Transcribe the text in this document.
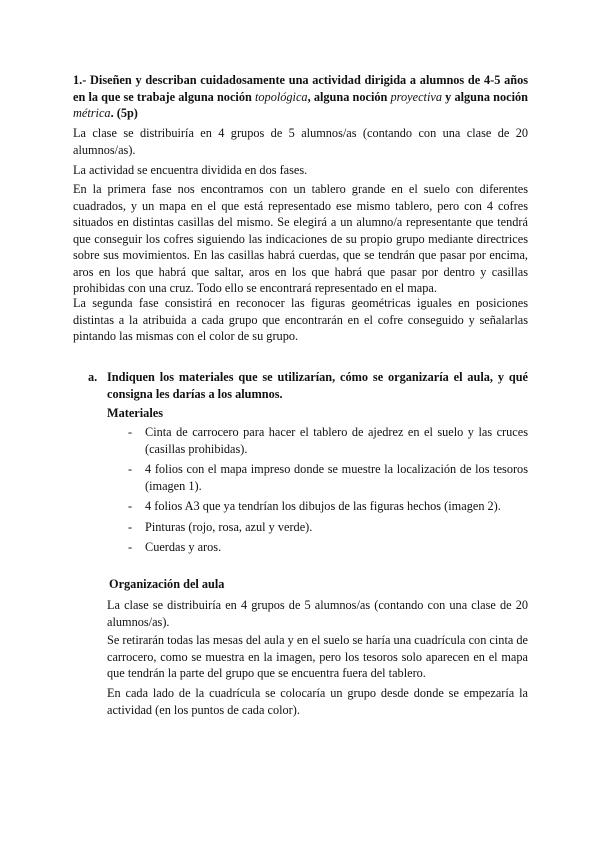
1.- Diseñen y describan cuidadosamente una actividad dirigida a alumnos de 4-5 años en la que se trabaje alguna noción topológica, alguna noción proyectiva y alguna noción métrica. (5p)

La clase se distribuiría en 4 grupos de 5 alumnos/as (contando con una clase de 20 alumnos/as).

La actividad se encuentra dividida en dos fases.

En la primera fase nos encontramos con un tablero grande en el suelo con diferentes cuadrados, y un mapa en el que está representado ese mismo tablero, pero con 4 cofres situados en distintas casillas del mismo. Se elegirá a un alumno/a representante que tendrá que conseguir los cofres siguiendo las indicaciones de su propio grupo mediante directrices sobre sus movimientos. En las casillas habrá cuerdas, que se tendrán que pasar por encima, aros en los que habrá que saltar, aros en los que habrá que pasar por dentro y casillas prohibidas con una cruz. Todo ello se encontrará representado en el mapa.

La segunda fase consistirá en reconocer las figuras geométricas iguales en posiciones distintas a la atribuida a cada grupo que encontrarán en el cofre conseguido y señalarlas pintando las mismas con el color de su grupo.

a. Indiquen los materiales que se utilizarían, cómo se organizaría el aula, y qué consigna les darías a los alumnos.

Materiales

- Cinta de carrocero para hacer el tablero de ajedrez en el suelo y las cruces (casillas prohibidas).
- 4 folios con el mapa impreso donde se muestre la localización de los tesoros (imagen 1).
- 4 folios A3 que ya tendrían los dibujos de las figuras hechos (imagen 2).
- Pinturas (rojo, rosa, azul y verde).
- Cuerdas y aros.

Organización del aula

La clase se distribuiría en 4 grupos de 5 alumnos/as (contando con una clase de 20 alumnos/as).

Se retirarán todas las mesas del aula y en el suelo se haría una cuadrícula con cinta de carrocero, como se muestra en la imagen, pero los tesoros solo aparecen en el mapa que tendrán la parte del grupo que se encuentra fuera del tablero.

En cada lado de la cuadrícula se colocaría un grupo desde donde se empezaría la actividad (en los puntos de cada color).
